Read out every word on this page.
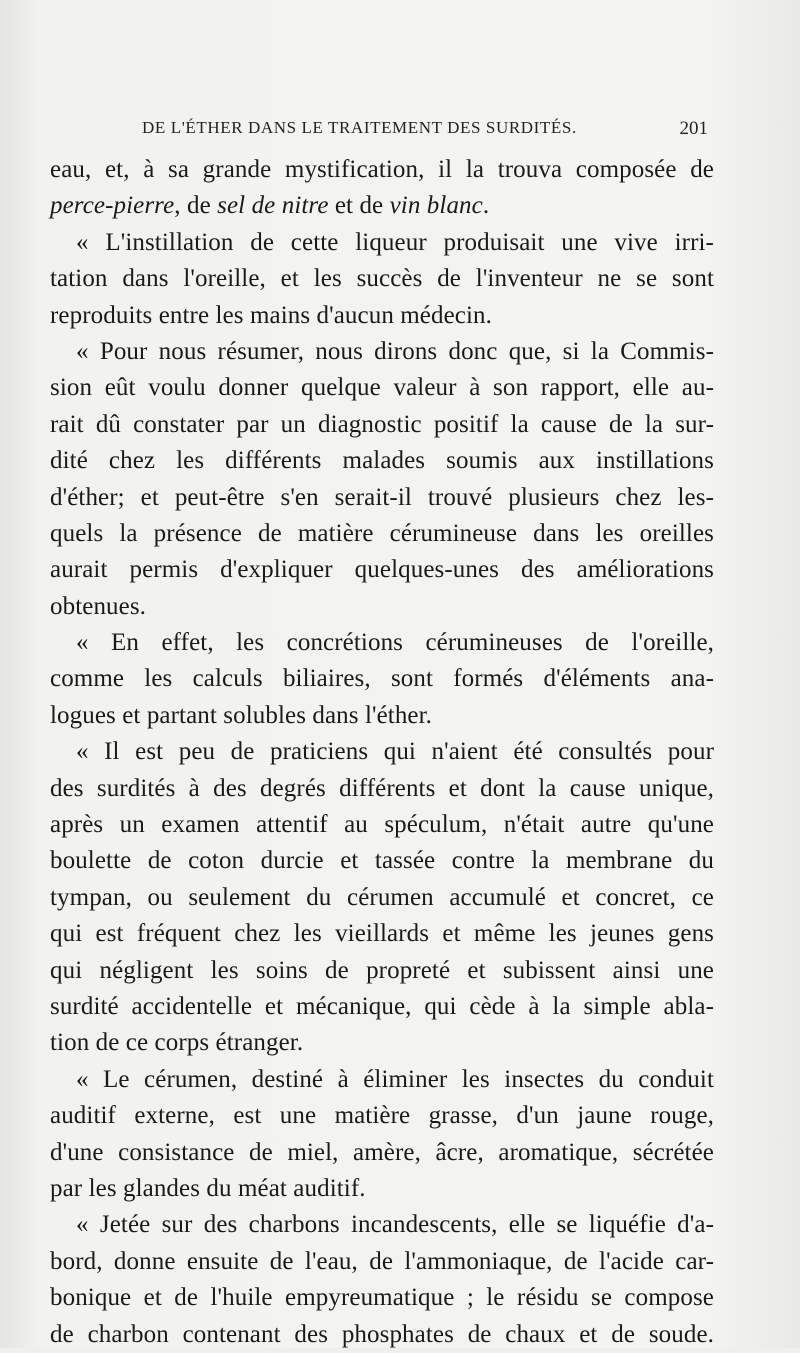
DE L'ÉTHER DANS LE TRAITEMENT DES SURDITÉS.	201
eau, et, à sa grande mystification, il la trouva composée de
perce-pierre, de sel de nitre et de vin blanc.
« L'instillation de cette liqueur produisait une vive irri-
tation dans l'oreille, et les succès de l'inventeur ne se sont
reproduits entre les mains d'aucun médecin.
« Pour nous résumer, nous dirons donc que, si la Commis-
sion eût voulu donner quelque valeur à son rapport, elle au-
rait dû constater par un diagnostic positif la cause de la sur-
dité chez les différents malades soumis aux instillations
d'éther; et peut-être s'en serait-il trouvé plusieurs chez les-
quels la présence de matière cérumineuse dans les oreilles
aurait permis d'expliquer quelques-unes des améliorations
obtenues.
« En effet, les concrétions cérumineuses de l'oreille,
comme les calculs biliaires, sont formés d'éléments ana-
logues et partant solubles dans l'éther.
« Il est peu de praticiens qui n'aient été consultés pour
des surdités à des degrés différents et dont la cause unique,
après un examen attentif au spéculum, n'était autre qu'une
boulette de coton durcie et tassée contre la membrane du
tympan, ou seulement du cérumen accumulé et concret, ce
qui est fréquent chez les vieillards et même les jeunes gens
qui négligent les soins de propreté et subissent ainsi une
surdité accidentelle et mécanique, qui cède à la simple abla-
tion de ce corps étranger.
« Le cérumen, destiné à éliminer les insectes du conduit
auditif externe, est une matière grasse, d'un jaune rouge,
d'une consistance de miel, amère, âcre, aromatique, sécrétée
par les glandes du méat auditif.
« Jetée sur des charbons incandescents, elle se liquéfie d'a-
bord, donne ensuite de l'eau, de l'ammoniaque, de l'acide car-
bonique et de l'huile empyreumatique ; le résidu se compose
de charbon contenant des phosphates de chaux et de soude.
